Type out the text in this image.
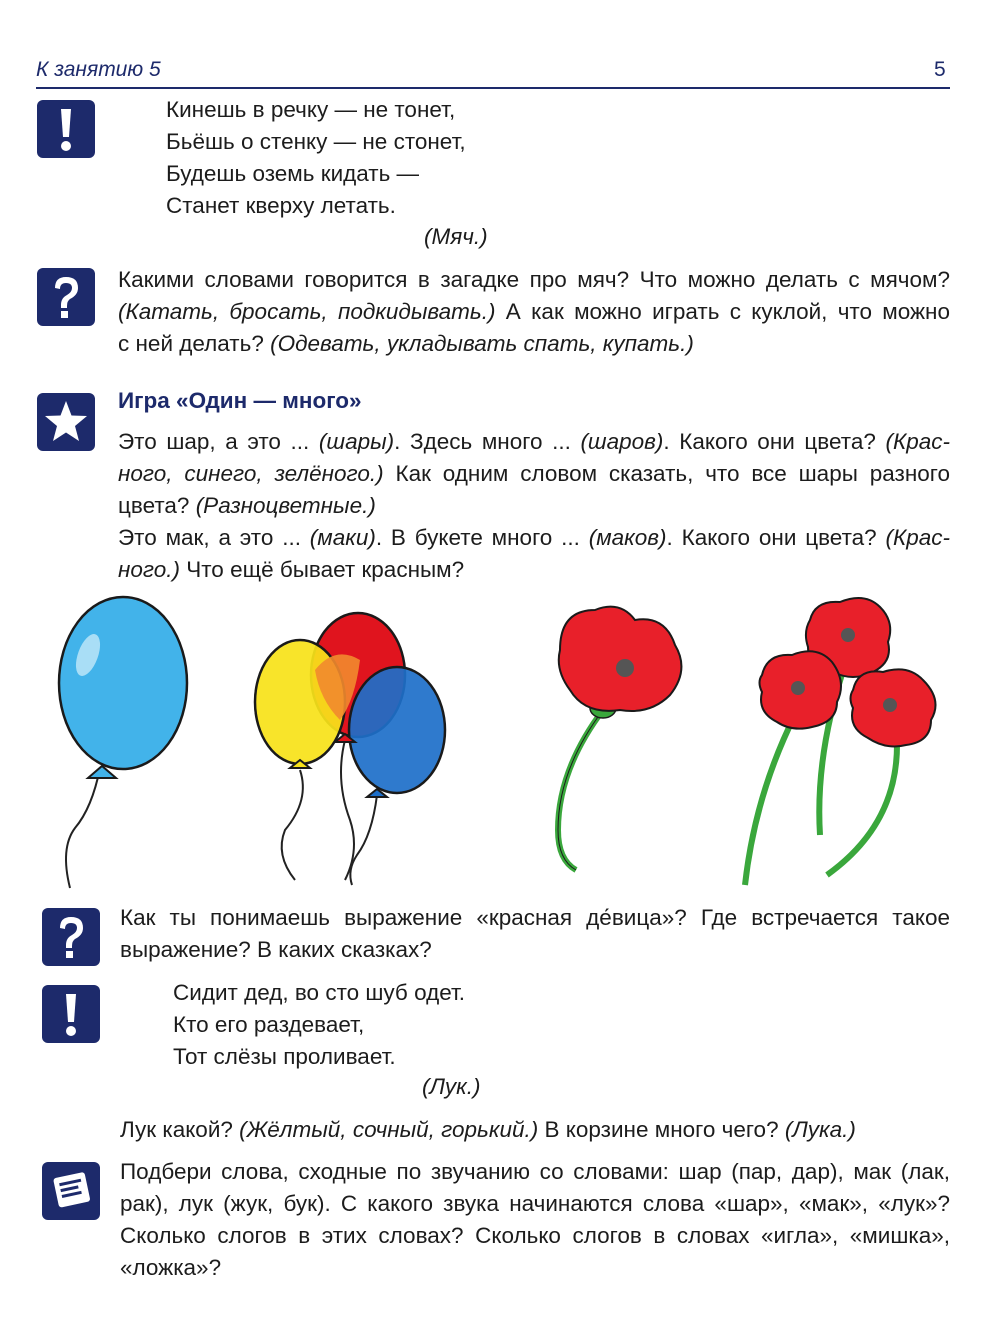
К занятию 5	5
Кинешь в речку — не тонет,
Бьёшь о стенку — не стонет,
Будешь оземь кидать —
Станет кверху летать.
(Мяч.)
Какими словами говорится в загадке про мяч? Что можно делать с мячом?
(Катать, бросать, подкидывать.) А как можно играть с куклой, что можно
с ней делать? (Одевать, укладывать спать, купать.)
Игра «Один — много»
Это шар, а это ... (шары). Здесь много ... (шаров). Какого они цвета? (Крас-
ного, синего, зелёного.) Как одним словом сказать, что все шары разного
цвета? (Разноцветные.)
Это мак, а это ... (маки). В букете много ... (маков). Какого они цвета? (Крас-
ного.) Что ещё бывает красным?
Как ты понимаешь выражение «красная де́вица»? Где встречается такое
выражение? В каких сказках?
Сидит дед, во сто шуб одет.
Кто его раздевает,
Тот слёзы проливает.
(Лук.)
Лук какой? (Жёлтый, сочный, горький.) В корзине много чего? (Лука.)
Подбери слова, сходные по звучанию со словами: шар (пар, дар), мак (лак,
рак), лук (жук, бук). С какого звука начинаются слова «шар», «мак», «лук»?
Сколько слогов в этих словах? Сколько слогов в словах «игла», «мишка»,
«ложка»?
